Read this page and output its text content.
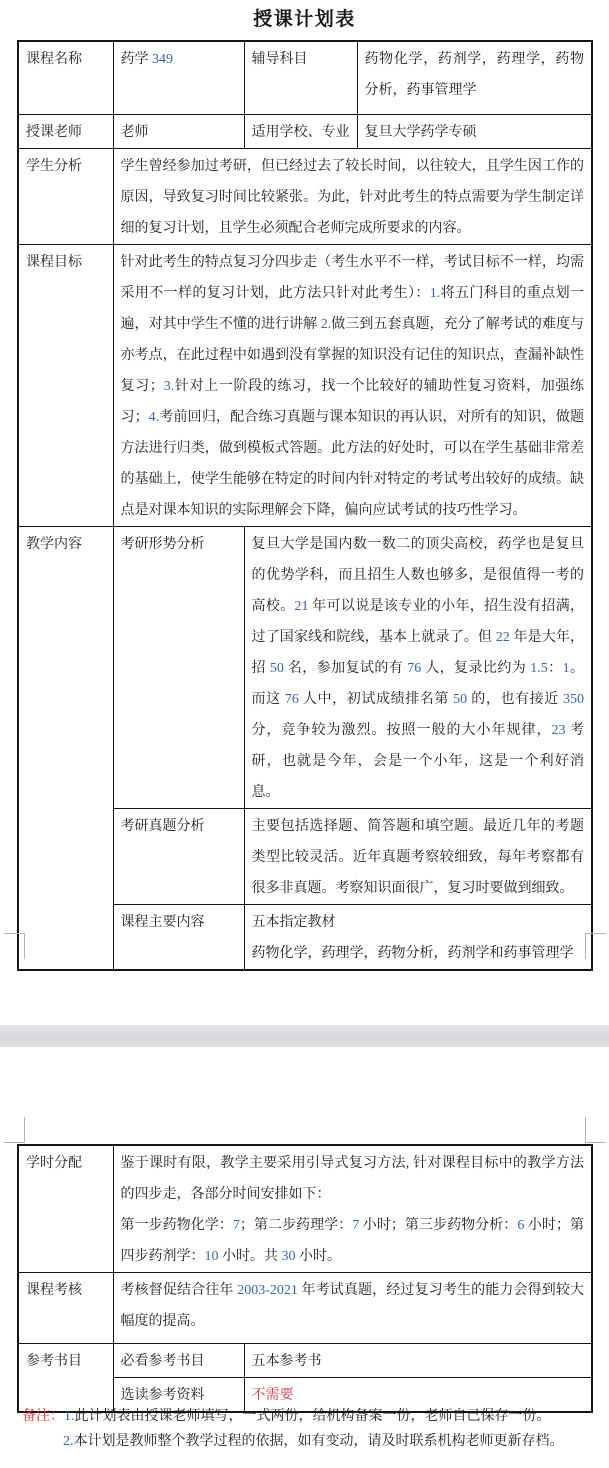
授课计划表
课程名称	药学 349	辅导科目	药物化学，药剂学，药理学，药物分析，药事管理学
授课老师	老师	适用学校、专业	复旦大学药学专硕
学生分析	学生曾经参加过考研，但已经过去了较长时间，以往较大，且学生因工作的原因，导致复习时间比较紧张。为此，针对此考生的特点需要为学生制定详细的复习计划，且学生必须配合老师完成所要求的内容。		
课程目标	针对此考生的特点复习分四步走（考生水平不一样，考试目标不一样，均需采用不一样的复习计划，此方法只针对此考生）：1.将五门科目的重点划一遍，对其中学生不懂的进行讲解 2.做三到五套真题，充分了解考试的难度与亦考点，在此过程中如遇到没有掌握的知识没有记住的知识点，查漏补缺性复习；3.针对上一阶段的练习，找一个比较好的辅助性复习资料，加强练习；4.考前回归，配合练习真题与课本知识的再认识，对所有的知识，做题方法进行归类，做到模板式答题。此方法的好处时，可以在学生基础非常差的基础上，使学生能够在特定的时间内针对特定的考试考出较好的成绩。缺点是对课本知识的实际理解会下降，偏向应试考试的技巧性学习。		
教学内容	考研形势分析	复旦大学是国内数一数二的顶尖高校，药学也是复旦的优势学科，而且招生人数也够多，是很值得一考的高校。21 年可以说是该专业的小年，招生没有招满，过了国家线和院线，基本上就录了。但 22 年是大年，招 50 名，参加复试的有 76 人，复录比约为 1.5：1。而这 76 人中，初试成绩排名第 50 的，也有接近 350 分，竞争较为激烈。按照一般的大小年规律，23 考研，也就是今年，会是一个小年，这是一个利好消息。	
	考研真题分析	主要包括选择题、简答题和填空题。最近几年的考题类型比较灵活。近年真题考察较细致，每年考察都有很多非真题。考察知识面很广，复习时要做到细致。	
	课程主要内容	五本指定教材

药物化学，药理学，药物分析，药剂学和药事管理学	

学时分配	鉴于课时有限，教学主要采用引导式复习方法, 针对课程目标中的教学方法的四步走，各部分时间安排如下：

第一步药物化学：7；第二步药理学：7 小时；第三步药物分析：6 小时；第四步药剂学：10 小时。共 30 小时。	

课程考核	考核督促结合往年 2003-2021 年考试真题，经过复习考生的能力会得到较大幅度的提高。	
参考书目	必看参考书目	五本参考书
	选读参考资料	不需要
备注：1.此计划表由授课老师填写，一式两份，给机构备案一份，老师自己保存一份。
2.本计划是教师整个教学过程的依据，如有变动，请及时联系机构老师更新存档。
